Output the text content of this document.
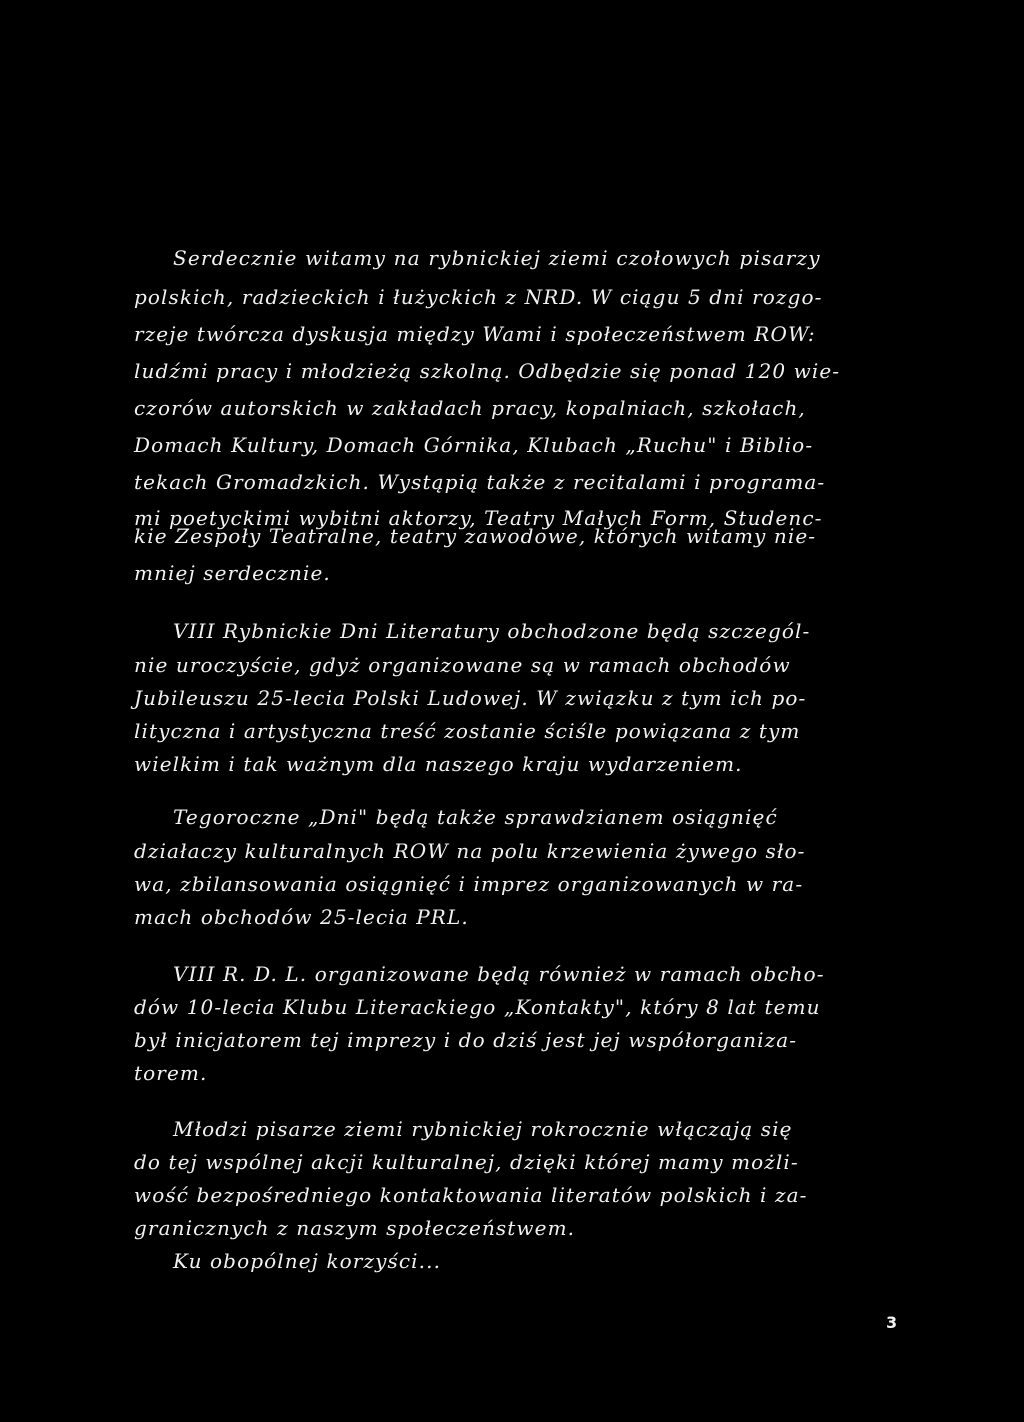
Serdecznie witamy na rybnickiej ziemi czołowych pisarzy
polskich, radzieckich i łużyckich z NRD. W ciągu 5 dni rozgo-
rzeje twórcza dyskusja między Wami i społeczeństwem ROW:
ludźmi pracy i młodzieżą szkolną. Odbędzie się ponad 120 wie-
czorów autorskich w zakładach pracy, kopalniach, szkołach,
Domach Kultury, Domach Górnika, Klubach „Ruchu" i Biblio-
tekach Gromadzkich. Wystąpią także z recitalami i programa-
mi poetyckimi wybitni aktorzy, Teatry Małych Form, Studenc-
kie Zespoły Teatralne, teatry zawodowe, których witamy nie-
mniej serdecznie.
VIII Rybnickie Dni Literatury obchodzone będą szczegól-
nie uroczyście, gdyż organizowane są w ramach obchodów
Jubileuszu 25-lecia Polski Ludowej. W związku z tym ich po-
lityczna i artystyczna treść zostanie ściśle powiązana z tym
wielkim i tak ważnym dla naszego kraju wydarzeniem.
Tegoroczne „Dni" będą także sprawdzianem osiągnięć
działaczy kulturalnych ROW na polu krzewienia żywego sło-
wa, zbilansowania osiągnięć i imprez organizowanych w ra-
mach obchodów 25-lecia PRL.
VIII R. D. L. organizowane będą również w ramach obcho-
dów 10-lecia Klubu Literackiego „Kontakty", który 8 lat temu
był inicjatorem tej imprezy i do dziś jest jej współorganiza-
torem.
Młodzi pisarze ziemi rybnickiej rokrocznie włączają się
do tej wspólnej akcji kulturalnej, dzięki której mamy możli-
wość bezpośredniego kontaktowania literatów polskich i za-
granicznych z naszym społeczeństwem.
Ku obopólnej korzyści...
3
